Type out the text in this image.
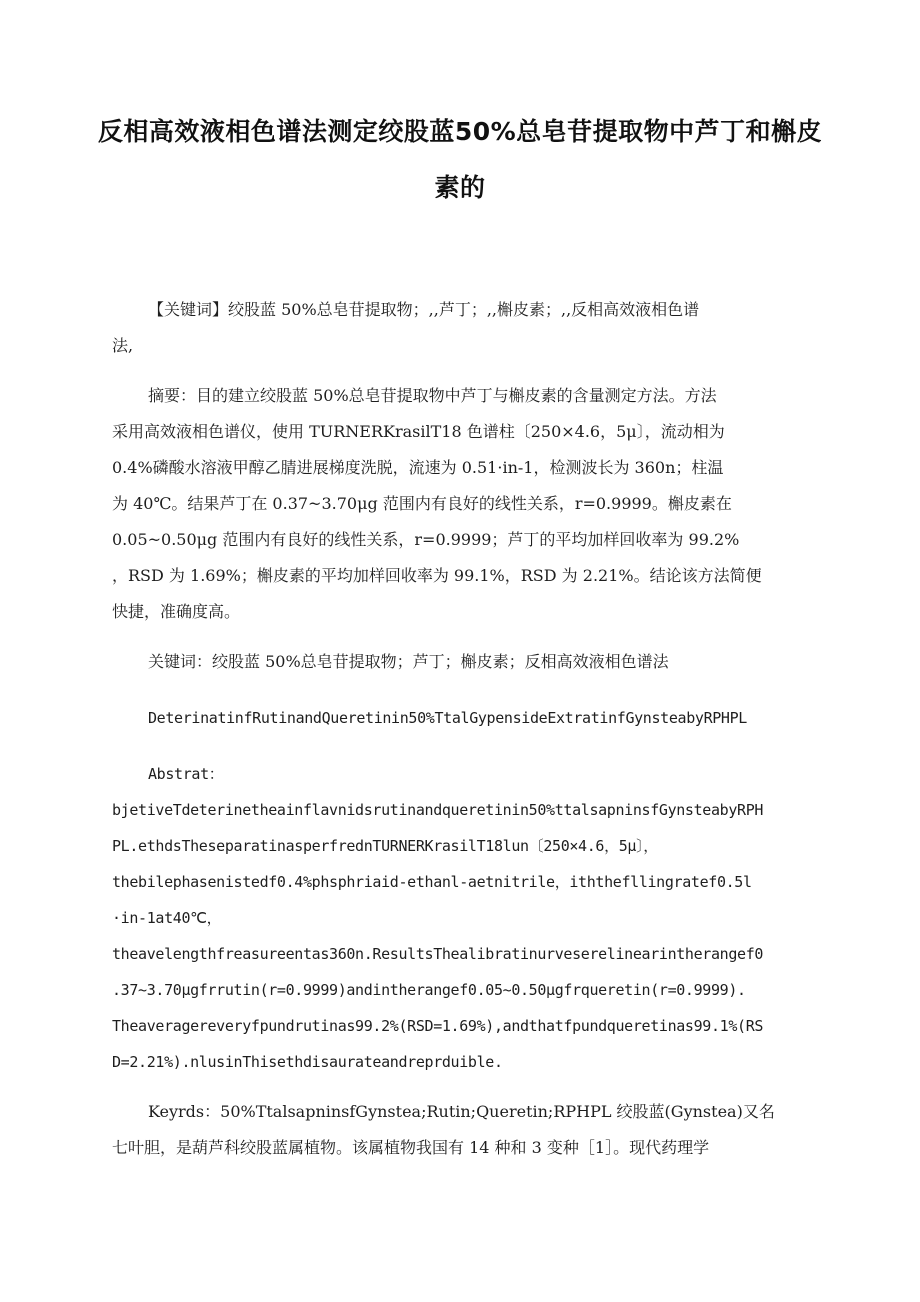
反相高效液相色谱法测定绞股蓝50%总皂苷提取物中芦丁和槲皮
素的
【关键词】绞股蓝 50%总皂苷提取物；,,芦丁；,,槲皮素；,,反相高效液相色谱
法,
摘要：目的建立绞股蓝 50%总皂苷提取物中芦丁与槲皮素的含量测定方法。方法
采用高效液相色谱仪，使用 TURNERKrasilT18 色谱柱〔250×4.6，5μ〕，流动相为
0.4%磷酸水溶液甲醇乙腈进展梯度洗脱，流速为 0.51·in-1，检测波长为 360n；柱温
为 40℃。结果芦丁在 0.37~3.70μg 范围内有良好的线性关系，r=0.9999。槲皮素在
0.05~0.50μg 范围内有良好的线性关系，r=0.9999；芦丁的平均加样回收率为 99.2%
，RSD 为 1.69%；槲皮素的平均加样回收率为 99.1%，RSD 为 2.21%。结论该方法简便
快捷，准确度高。
关键词：绞股蓝 50%总皂苷提取物；芦丁；槲皮素；反相高效液相色谱法
DeterinatinfRutinandQueretinin50%TtalGypensideExtratinfGynsteabyRPHPL
Abstrat：
bjetiveTdeterinetheainflavnidsrutinandqueretinin50%ttalsapninsfGynsteabyRPH
PL.ethdsTheseparatinasperfrednTURNERKrasilT18lun〔250×4.6，5μ〕，
thebilephasenistedf0.4%phsphriaid-ethanl-aetnitrile，iththefllingratef0.5l
·in-1at40℃，
theavelengthfreasureentas360n.ResultsThealibratinurveserelinearintherangef0
.37~3.70μgfrrutin(r=0.9999)andintherangef0.05~0.50μgfrqueretin(r=0.9999).
Theaveragereveryfpundrutinas99.2%(RSD=1.69%),andthatfpundqueretinas99.1%(RS
D=2.21%).nlusinThisethdisaurateandreprduible.
Keyrds：50%TtalsapninsfGynstea;Rutin;Queretin;RPHPL 绞股蓝(Gynstea)又名
七叶胆，是葫芦科绞股蓝属植物。该属植物我国有 14 种和 3 变种［1］。现代药理学
